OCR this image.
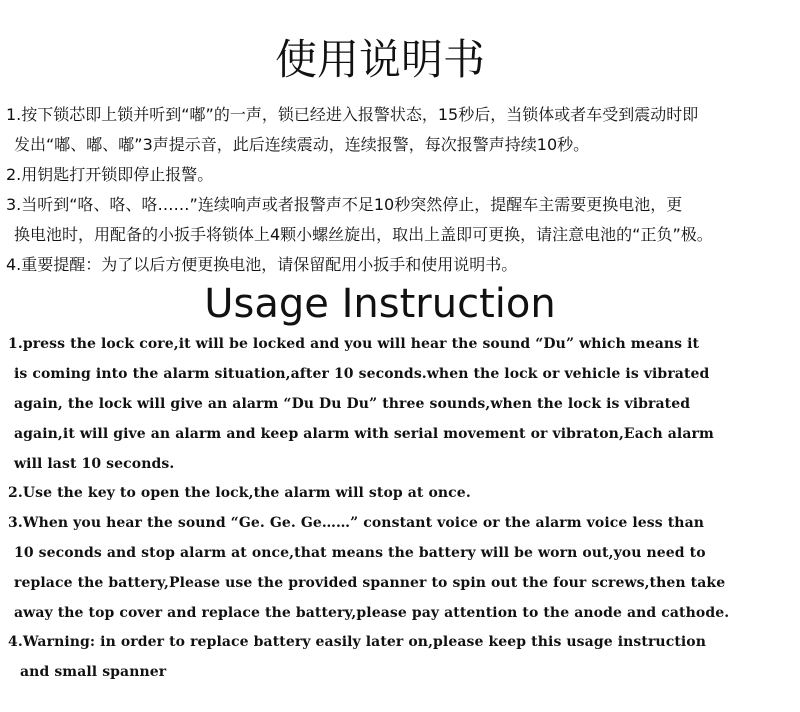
使用说明书

1.按下锁芯即上锁并听到“嘟”的一声，锁已经进入报警状态，15秒后，当锁体或者车受到震动时即

发出“嘟、嘟、嘟”3声提示音，此后连续震动，连续报警，每次报警声持续10秒。

2.用钥匙打开锁即停止报警。

3.当听到“咯、咯、咯……”连续响声或者报警声不足10秒突然停止，提醒车主需要更换电池，更

换电池时，用配备的小扳手将锁体上4颗小螺丝旋出，取出上盖即可更换，请注意电池的“正负”极。

4.重要提醒：为了以后方便更换电池，请保留配用小扳手和使用说明书。

Usage Instruction

1.press the lock core,it will be locked and you will hear the sound “Du” which means it

is coming into the alarm situation,after 10 seconds.when the lock or vehicle is vibrated

again, the lock will give an alarm “Du Du Du” three sounds,when the lock is vibrated

again,it will give an alarm and keep alarm with serial movement or vibraton,Each alarm

will last 10 seconds.

2.Use the key to open the lock,the alarm will stop at once.

3.When you hear the sound “Ge. Ge. Ge……” constant voice or the alarm voice less than

10 seconds and stop alarm at once,that means the battery will be worn out,you need to

replace the battery,Please use the provided spanner to spin out the four screws,then take

away the top cover and replace the battery,please pay attention to the anode and cathode.

4.Warning: in order to replace battery easily later on,please keep this usage instruction

and small spanner
